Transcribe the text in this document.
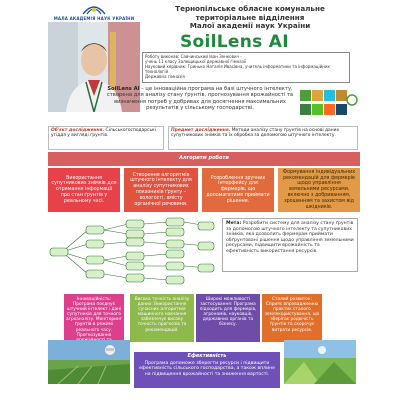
МАЛА АКАДЕМІЯ НАУК УКРАЇНИ
Тернопільське обласне комунальне територіальне відділення
Малої академії наук України
SoilLens AI
Роботу виконав: Савчинський Іван Зенкович -
учень 11 класу Залещицької державної гімназії
Науковий керівник: Гринько Наталія Ивасівна, учитель інформатики та інформаційних технологій
Державна гімназія
SoilLens AI – це інноваційна програма на базі штучного інтелекту, створена для аналізу стану ґрунтів, прогнозування врожайності та визначення потреб у добривах для досягнення максимальних результатів у сільському господарстві.
Об'єкт дослідження. Сільськогосподарські угіддя у вигляді ґрунтів.
Предмет дослідження. Методи аналізу стану ґрунтів на основі даних супутникових знімків та їх обробка за допомогою штучного інтелекту.
Алгоритм роботи
Використання супутникових знімків для отримання інформації про стан ґрунтів у реальному часі.
Створення алгоритмів штучного інтелекту для аналізу супутникових показників ґрунту – вологості, вмісту органічної речовини.
Розроблення зручних інтерфейсу для фермерів, що допомагатиме приймати рішення.
Формування індивідуальних рекомендацій для фермерів щодо управління земельними ресурсами, включно з добриванням, зрошенням та захистом від шкідників.
Мета: Розробити систему для аналізу стану ґрунтів за допомогою штучного інтелекту та супутникових знімків, яка дозволить фермерам приймати обґрунтовані рішення щодо управління земельними ресурсами, підвищити врожайність та ефективність використання ресурсів.
Інноваційність: Програма поєднує штучний інтелект і дані супутників для точного агроаналізу. Моніторинг ґрунтів в режимі реального часу. Прогнозування
Висока точність аналізу даних: Використання сучасних алгоритмів машинного навчання забезпечує високу точність прогнозів та рекомендацій.
Широкі можливості застосування: Програма підходить для фермерів, агрономів, науковців, державних органів та бізнесу.
Сталий розвиток: Сприяє впровадженню практик сталого землекористування, що зберігає родючість ґрунтів та скорочує витрати ресурсів.
Ефективність
Програма допоможе зберегти ресурси і підвищити ефективність сільського господарства, а також вплине на підвищення врожайності та зниження вартості.
